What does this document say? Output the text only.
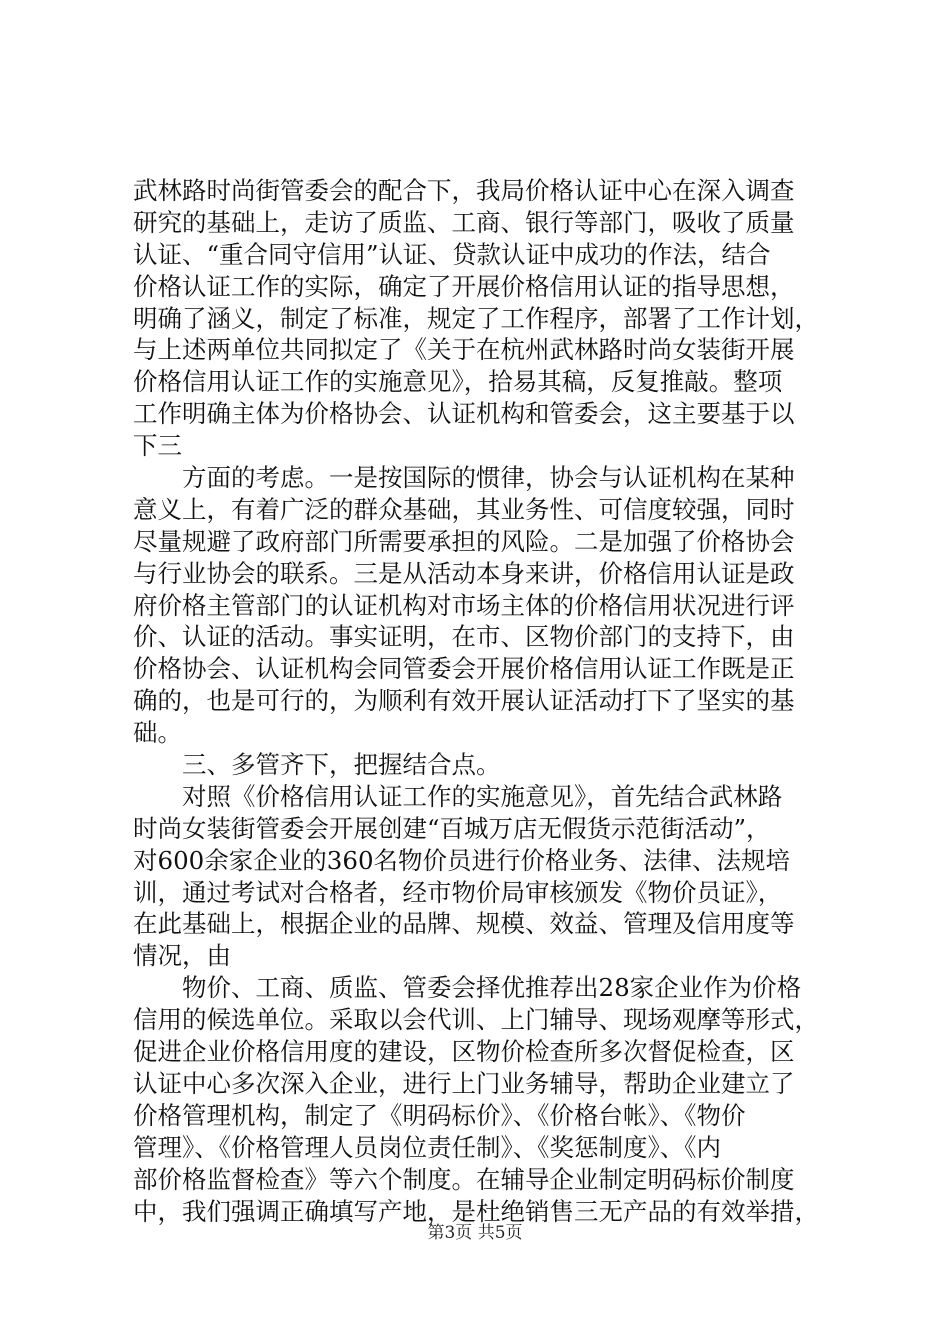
武林路时尚街管委会的配合下，我局价格认证中心在深入调查
研究的基础上，走访了质监、工商、银行等部门，吸收了质量
认证、“重合同守信用”认证、贷款认证中成功的作法，结合
价格认证工作的实际，确定了开展价格信用认证的指导思想，
明确了涵义，制定了标准，规定了工作程序，部署了工作计划，
与上述两单位共同拟定了《关于在杭州武林路时尚女装街开展
价格信用认证工作的实施意见》，拾易其稿，反复推敲。整项
工作明确主体为价格协会、认证机构和管委会，这主要基于以
下三
方面的考虑。一是按国际的惯律，协会与认证机构在某种
意义上，有着广泛的群众基础，其业务性、可信度较强，同时
尽量规避了政府部门所需要承担的风险。二是加强了价格协会
与行业协会的联系。三是从活动本身来讲，价格信用认证是政
府价格主管部门的认证机构对市场主体的价格信用状况进行评
价、认证的活动。事实证明，在市、区物价部门的支持下，由
价格协会、认证机构会同管委会开展价格信用认证工作既是正
确的，也是可行的，为顺利有效开展认证活动打下了坚实的基
础。
三、多管齐下，把握结合点。
对照《价格信用认证工作的实施意见》，首先结合武林路
时尚女装街管委会开展创建“百城万店无假货示范街活动”，
对600余家企业的360名物价员进行价格业务、法律、法规培
训，通过考试对合格者，经市物价局审核颁发《物价员证》，
在此基础上，根据企业的品牌、规模、效益、管理及信用度等
情况，由
物价、工商、质监、管委会择优推荐出28家企业作为价格
信用的候选单位。采取以会代训、上门辅导、现场观摩等形式，
促进企业价格信用度的建设，区物价检查所多次督促检查，区
认证中心多次深入企业，进行上门业务辅导，帮助企业建立了
价格管理机构，制定了《明码标价》、《价格台帐》、《物价
管理》、《价格管理人员岗位责任制》、《奖惩制度》、《内
部价格监督检查》等六个制度。在辅导企业制定明码标价制度
中，我们强调正确填写产地，是杜绝销售三无产品的有效举措，
第3页 共5页
